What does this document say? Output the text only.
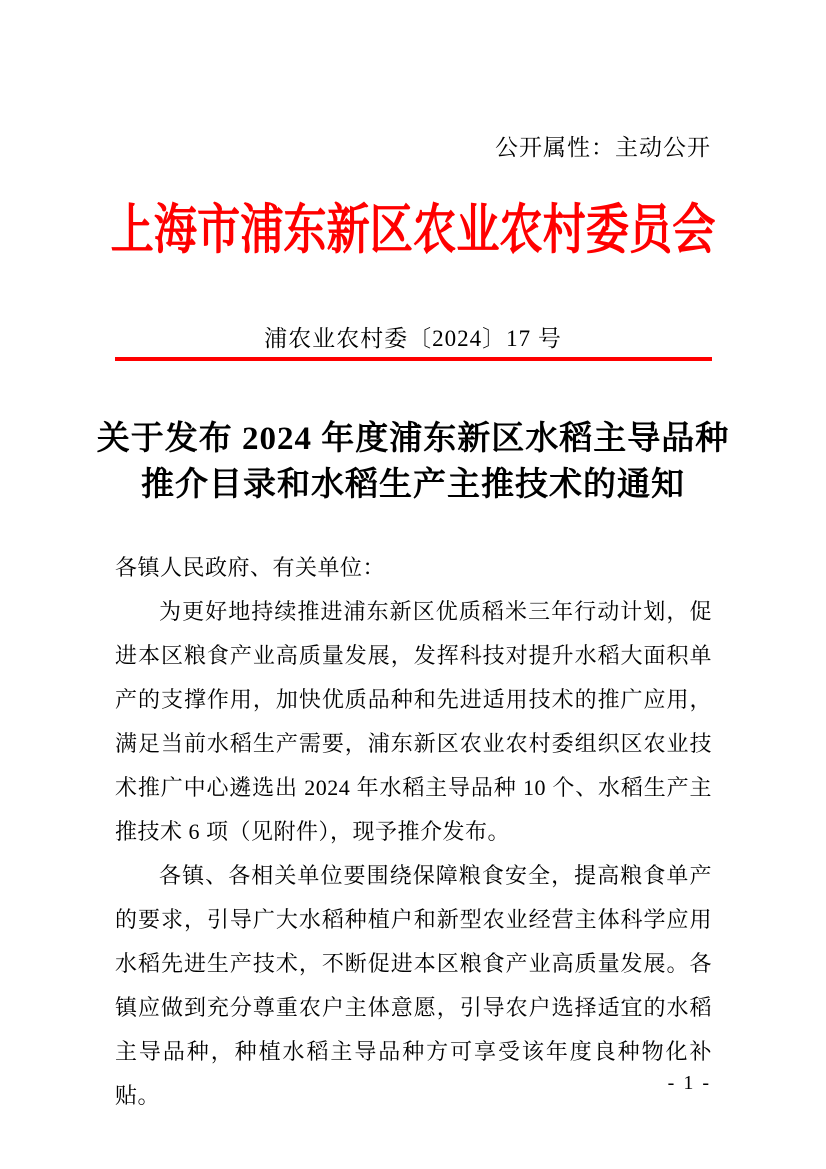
公开属性：主动公开
上海市浦东新区农业农村委员会
浦农业农村委〔2024〕17 号
关于发布 2024 年度浦东新区水稻主导品种
推介目录和水稻生产主推技术的通知

各镇人民政府、有关单位：

为更好地持续推进浦东新区优质稻米三年行动计划，促进本区粮食产业高质量发展，发挥科技对提升水稻大面积单产的支撑作用，加快优质品种和先进适用技术的推广应用，满足当前水稻生产需要，浦东新区农业农村委组织区农业技术推广中心遴选出 2024 年水稻主导品种 10 个、水稻生产主推技术 6 项（见附件），现予推介发布。

各镇、各相关单位要围绕保障粮食安全，提高粮食单产的要求，引导广大水稻种植户和新型农业经营主体科学应用水稻先进生产技术，不断促进本区粮食产业高质量发展。各镇应做到充分尊重农户主体意愿，引导农户选择适宜的水稻主导品种，种植水稻主导品种方可享受该年度良种物化补贴。	- 1 -
